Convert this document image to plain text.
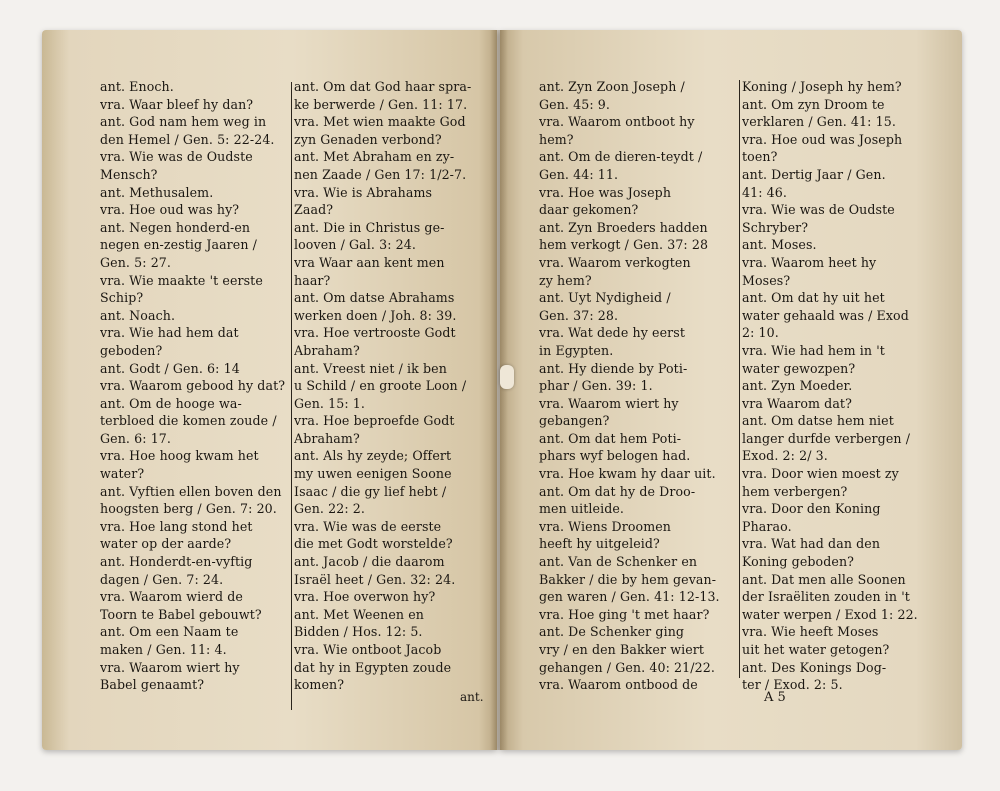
ant. Enoch.
vra. Waar bleef hy dan?
ant. God nam hem weg in
den Hemel / Gen. 5: 22-24.
vra. Wie was de Oudste
Mensch?
ant. Methusalem.
vra. Hoe oud was hy?
ant. Negen honderd-en
negen en-zestig Jaaren /
Gen. 5: 27.
vra. Wie maakte 't eerste
Schip?
ant. Noach.
vra. Wie had hem dat
geboden?
ant. Godt / Gen. 6: 14
vra. Waarom gebood hy dat?
ant. Om de hooge wa-
terbloed die komen zoude /
Gen. 6: 17.
vra. Hoe hoog kwam het
water?
ant. Vyftien ellen boven den
hoogsten berg / Gen. 7: 20.
vra. Hoe lang stond het
water op der aarde?
ant. Honderdt-en-vyftig
dagen / Gen. 7: 24.
vra. Waarom wierd de
Toorn te Babel gebouwt?
ant. Om een Naam te
maken / Gen. 11: 4.
vra. Waarom wiert hy
Babel genaamt?
ant. Om dat God haar spra-
ke berwerde / Gen. 11: 17.
vra. Met wien maakte God
zyn Genaden verbond?
ant. Met Abraham en zy-
nen Zaade / Gen 17: 1/2-7.
vra. Wie is Abrahams
Zaad?
ant. Die in Christus ge-
looven / Gal. 3: 24.
vra Waar aan kent men
haar?
ant. Om datse Abrahams
werken doen / Joh. 8: 39.
vra. Hoe vertrooste Godt
Abraham?
ant. Vreest niet / ik ben
u Schild / en groote Loon /
Gen. 15: 1.
vra. Hoe beproefde Godt
Abraham?
ant. Als hy zeyde; Offert
my uwen eenigen Soone
Isaac / die gy lief hebt /
Gen. 22: 2.
vra. Wie was de eerste
die met Godt worstelde?
ant. Jacob / die daarom
Israël heet / Gen. 32: 24.
vra. Hoe overwon hy?
ant. Met Weenen en
Bidden / Hos. 12: 5.
vra. Wie ontboot Jacob
dat hy in Egypten zoude
komen?
ant.
ant. Zyn Zoon Joseph /
Gen. 45: 9.
vra. Waarom ontboot hy
hem?
ant. Om de dieren-teydt /
Gen. 44: 11.
vra. Hoe was Joseph
daar gekomen?
ant. Zyn Broeders hadden
hem verkogt / Gen. 37: 28
vra. Waarom verkogten
zy hem?
ant. Uyt Nydigheid /
Gen. 37: 28.
vra. Wat dede hy eerst
in Egypten.
ant. Hy diende by Poti-
phar / Gen. 39: 1.
vra. Waarom wiert hy
gebangen?
ant. Om dat hem Poti-
phars wyf belogen had.
vra. Hoe kwam hy daar uit.
ant. Om dat hy de Droo-
men uitleide.
vra. Wiens Droomen
heeft hy uitgeleid?
ant. Van de Schenker en
Bakker / die by hem gevan-
gen waren / Gen. 41: 12-13.
vra. Hoe ging 't met haar?
ant. De Schenker ging
vry / en den Bakker wiert
gehangen / Gen. 40: 21/22.
vra. Waarom ontbood de
Koning / Joseph hy hem?
ant. Om zyn Droom te
verklaren / Gen. 41: 15.
vra. Hoe oud was Joseph
toen?
ant. Dertig Jaar / Gen.
41: 46.
vra. Wie was de Oudste
Schryber?
ant. Moses.
vra. Waarom heet hy
Moses?
ant. Om dat hy uit het
water gehaald was / Exod
2: 10.
vra. Wie had hem in 't
water gewozpen?
ant. Zyn Moeder.
vra Waarom dat?
ant. Om datse hem niet
langer durfde verbergen /
Exod. 2: 2/ 3.
vra. Door wien moest zy
hem verbergen?
vra. Door den Koning
Pharao.
vra. Wat had dan den
Koning geboden?
ant. Dat men alle Soonen
der Israëliten zouden in 't
water werpen / Exod 1: 22.
vra. Wie heeft Moses
uit het water getogen?
ant. Des Konings Dog-
ter / Exod. 2: 5.
A 5
